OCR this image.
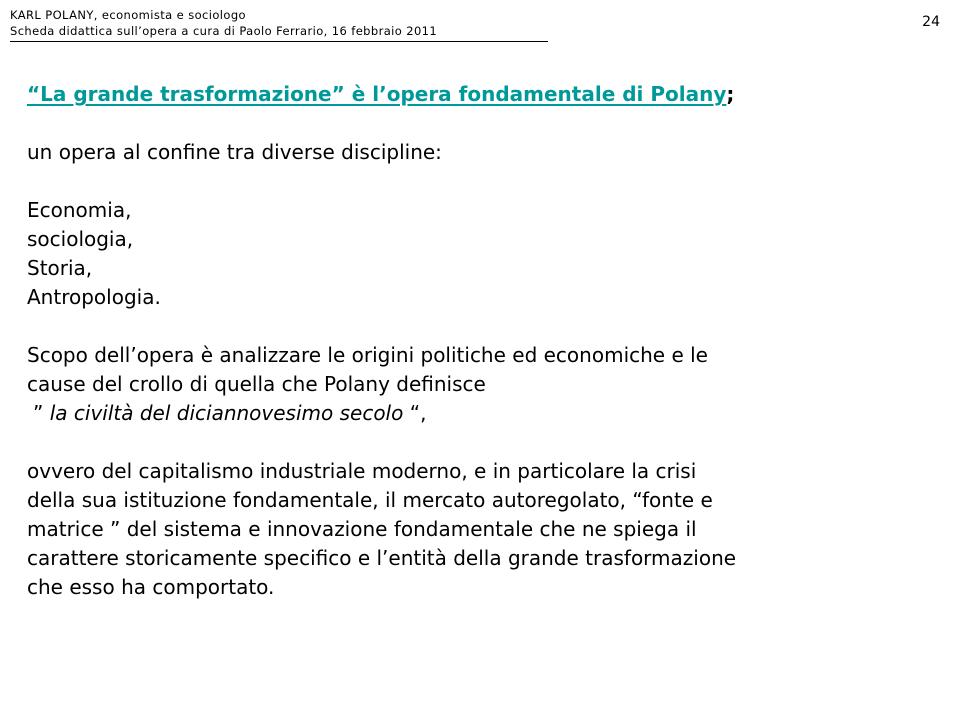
KARL POLANY, economista e sociologo
Scheda didattica sull’opera a cura di Paolo Ferrario, 16 febbraio 2011
24

“La grande trasformazione” è l’opera fondamentale di Polany;

un opera al confine tra diverse discipline:

Economia,

sociologia,

Storia,

Antropologia.

Scopo dell’opera è analizzare le origini politiche ed economiche e le

cause del crollo di quella che Polany definisce

” la civiltà del diciannovesimo secolo “,

ovvero del capitalismo industriale moderno, e in particolare la crisi

della sua istituzione fondamentale, il mercato autoregolato, “fonte e

matrice ” del sistema e innovazione fondamentale che ne spiega il

carattere storicamente specifico e l’entità della grande trasformazione

che esso ha comportato.
